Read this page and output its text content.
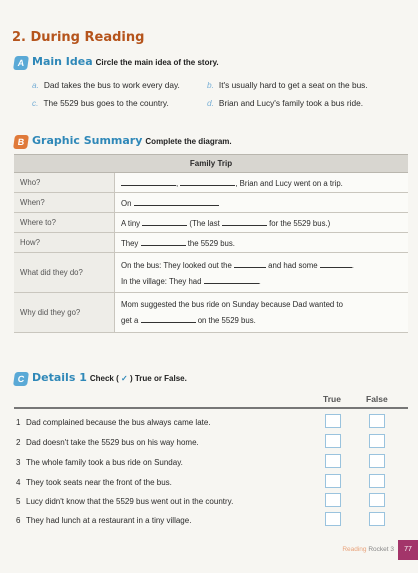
2. During Reading
A Main Idea Circle the main idea of the story.
a. Dad takes the bus to work every day.	b. It's usually hard to get a seat on the bus.
c. The 5529 bus goes to the country.	d. Brian and Lucy's family took a bus ride.
B Graphic Summary Complete the diagram.
Family Trip	
Who?	, , Brian and Lucy went on a trip.
When?	On
Where to?	A tiny (The last for the 5529 bus.)
How?	They the 5529 bus.
What did they do?	On the bus: They looked out the and had some .
In the village: They had .

Why did they go?	Mom suggested the bus ride on Sunday because Dad wanted to
get a on the 5529 bus.
C Details 1 Check ( ✓ ) True or False.
True	False
1 Dad complained because the bus always came late.
2 Dad doesn't take the 5529 bus on his way home.
3 The whole family took a bus ride on Sunday.
4 They took seats near the front of the bus.
5 Lucy didn't know that the 5529 bus went out in the country.
6 They had lunch at a restaurant in a tiny village.
Reading Rocket 3	77
